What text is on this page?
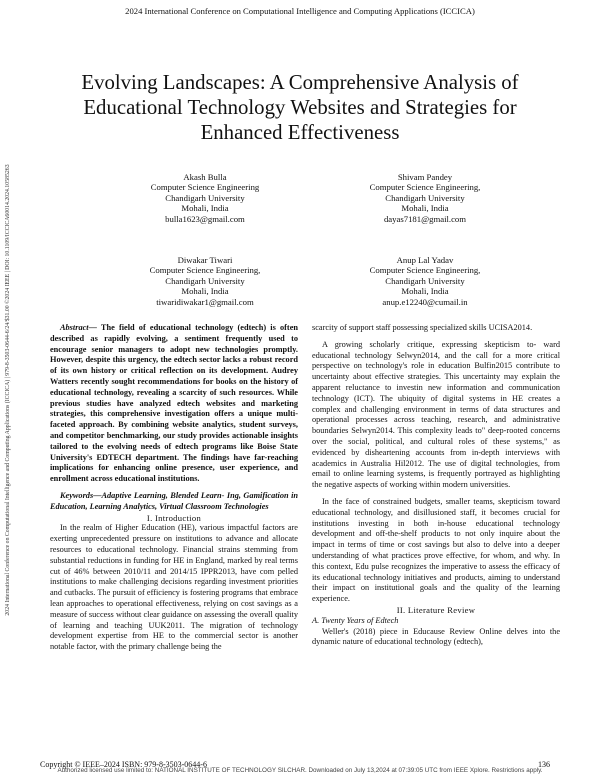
2024 International Conference on Computational Intelligence and Computing Applications (ICCICA)
2024 International Conference on Computational Intelligence and Computing Applications (ICCICA) | 979-8-3503-0644-6/24/$31.00 ©2024 IEEE | DOI: 10.1109/ICCICA60014.2024.10585263
Evolving Landscapes: A Comprehensive Analysis of Educational Technology Websites and Strategies for Enhanced Effectiveness
Akash Bulla
Computer Science Engineering
Chandigarh University
Mohali, India
bulla1623@gmail.com
Shivam Pandey
Computer Science Engineering,
Chandigarh University
Mohali, India
dayas7181@gmail.com
Diwakar Tiwari
Computer Science Engineering,
Chandigarh University
Mohali, India
tiwaridiwakar1@gmail.com
Anup Lal Yadav
Computer Science Engineering,
Chandigarh University
Mohali, India
anup.e12240@cumail.in

Abstract— The field of educational technology (edtech) is often described as rapidly evolving, a sentiment frequently used to encourage senior managers to adopt new technologies promptly. However, despite this urgency, the edtech sector lacks a robust record of its own history or critical reflection on its development. Audrey Watters recently sought recommendations for books on the history of educational technology, revealing a scarcity of such resources. While previous studies have analyzed edtech websites and marketing strategies, this comprehensive investigation offers a unique multi-faceted approach. By combining website analytics, student surveys, and competitor benchmarking, our study provides actionable insights tailored to the evolving needs of edtech programs like Boise State University's EDTECH department. The findings have far-reaching implications for enhancing online presence, user experience, and enrollment across educational institutions.

Keywords—Adaptive Learning, Blended Learn- Ing, Gamification in Education, Learning Analytics, Virtual Classroom Technologies

I. Introduction

In the realm of Higher Education (HE), various impactful factors are exerting unprecedented pressure on institutions to advance and allocate resources to educational technology. Financial strains stemming from substantial reductions in funding for HE in England, marked by real terms cut of 46% between 2010/11 and 2014/15 IPPR2013, have com pelled institutions to make challenging decisions regarding investment priorities and cutbacks. The pursuit of efficiency is fostering programs that embrace lean approaches to operational effectiveness, relying on cost savings as a measure of success without clear guidance on assessing the overall quality of learning and teaching UUK2011. The migration of technology development expertise from HE to the commercial sector is another notable factor, with the primary challenge being the

scarcity of support staff possessing specialized skills UCISA2014.

A growing scholarly critique, expressing skepticism to- ward educational technology Selwyn2014, and the call for a more critical perspective on technology's role in education Bulfin2015 contribute to uncertainty about effective strategies. This uncertainty may explain the apparent reluctance to investin new information and communication technology (ICT). The ubiquity of digital systems in HE creates a complex and challenging environment in terms of data structures and operational processes across teaching, research, and administrative boundaries Selwyn2014. This complexity leads to" deep-rooted concerns over the social, political, and cultural roles of these systems," as evidenced by disheartening accounts from in-depth interviews with academics in Australia Hil2012. The use of digital technologies, from email to online learning systems, is frequently portrayed as highlighting the negative aspects of working within modern universities.

In the face of constrained budgets, smaller teams, skepticism toward educational technology, and disillusioned staff, it becomes crucial for institutions investing in both in-house educational technology development and off-the-shelf products to not only inquire about the impact in terms of time or cost savings but also to delve into a deeper understanding of what practices prove effective, for whom, and why. In this context, Edu pulse recognizes the imperative to assess the efficacy of its educational technology initiatives and products, aiming to understand their impact on institutional goals and the quality of the learning experience.

II. Literature Review

A. Twenty Years of Edtech

Weller's (2018) piece in Educause Review Online delves into the dynamic nature of educational technology (edtech),

Copyright © IEEE–2024 ISBN: 979-8-3503-0644-6	136
Authorized licensed use limited to: NATIONAL INSTITUTE OF TECHNOLOGY SILCHAR. Downloaded on July 13,2024 at 07:39:05 UTC from IEEE Xplore. Restrictions apply.
